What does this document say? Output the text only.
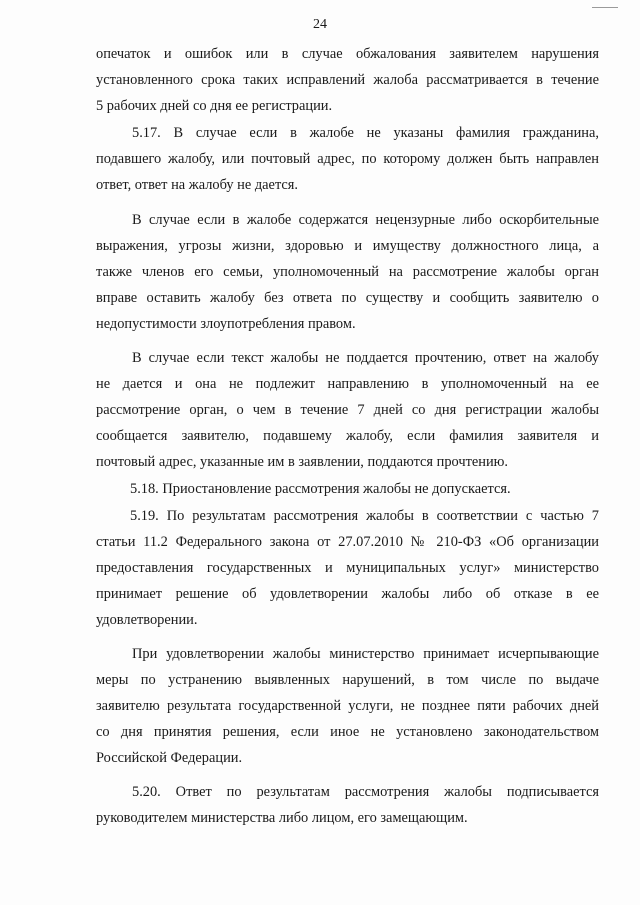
24

опечаток и ошибок или в случае обжалования заявителем нарушения
установленного срока таких исправлений жалоба рассматривается в течение
5 рабочих дней со дня ее регистрации.

5.17. В случае если в жалобе не указаны фамилия гражданина,
подавшего жалобу, или почтовый адрес, по которому должен быть направлен
ответ, ответ на жалобу не дается.

В случае если в жалобе содержатся нецензурные либо оскорбительные
выражения, угрозы жизни, здоровью и имуществу должностного лица, а
также членов его семьи, уполномоченный на рассмотрение жалобы орган
вправе оставить жалобу без ответа по существу и сообщить заявителю о
недопустимости злоупотребления правом.

В случае если текст жалобы не поддается прочтению, ответ на жалобу
не дается и она не подлежит направлению в уполномоченный на ее
рассмотрение орган, о чем в течение 7 дней со дня регистрации жалобы
сообщается заявителю, подавшему жалобу, если фамилия заявителя и
почтовый адрес, указанные им в заявлении, поддаются прочтению.

5.18. Приостановление рассмотрения жалобы не допускается.

5.19. По результатам рассмотрения жалобы в соответствии с частью 7
статьи 11.2 Федерального закона от 27.07.2010 № 210-ФЗ «Об организации
предоставления государственных и муниципальных услуг» министерство
принимает решение об удовлетворении жалобы либо об отказе в ее
удовлетворении.

При удовлетворении жалобы министерство принимает исчерпывающие
меры по устранению выявленных нарушений, в том числе по выдаче
заявителю результата государственной услуги, не позднее пяти рабочих дней
со дня принятия решения, если иное не установлено законодательством
Российской Федерации.

5.20. Ответ по результатам рассмотрения жалобы подписывается
руководителем министерства либо лицом, его замещающим.
